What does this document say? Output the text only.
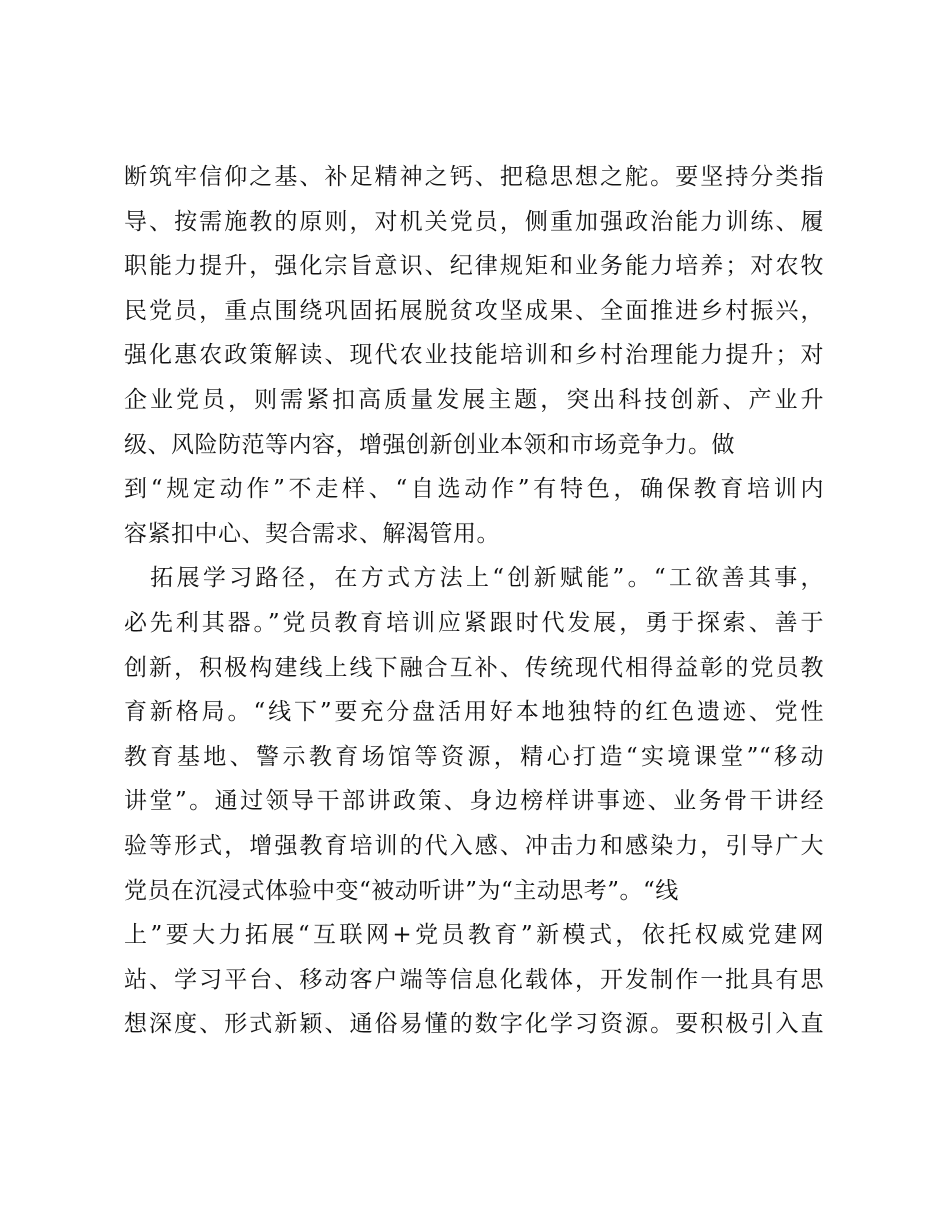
断筑牢信仰之基、补足精神之钙、把稳思想之舵。要坚持分类指
导、按需施教的原则，对机关党员，侧重加强政治能力训练、履
职能力提升，强化宗旨意识、纪律规矩和业务能力培养；对农牧
民党员，重点围绕巩固拓展脱贫攻坚成果、全面推进乡村振兴，
强化惠农政策解读、现代农业技能培训和乡村治理能力提升；对
企业党员，则需紧扣高质量发展主题，突出科技创新、产业升
级、风险防范等内容，增强创新创业本领和市场竞争力。做
到“规定动作”不走样、“自选动作”有特色，确保教育培训内
容紧扣中心、契合需求、解渴管用。
　拓展学习路径，在方式方法上“创新赋能”。“工欲善其事，
必先利其器。”党员教育培训应紧跟时代发展，勇于探索、善于
创新，积极构建线上线下融合互补、传统现代相得益彰的党员教
育新格局。“线下”要充分盘活用好本地独特的红色遗迹、党性
教育基地、警示教育场馆等资源，精心打造“实境课堂”“移动
讲堂”。通过领导干部讲政策、身边榜样讲事迹、业务骨干讲经
验等形式，增强教育培训的代入感、冲击力和感染力，引导广大
党员在沉浸式体验中变“被动听讲”为“主动思考”。“线
上”要大力拓展“互联网+党员教育”新模式，依托权威党建网
站、学习平台、移动客户端等信息化载体，开发制作一批具有思
想深度、形式新颖、通俗易懂的数字化学习资源。要积极引入直
